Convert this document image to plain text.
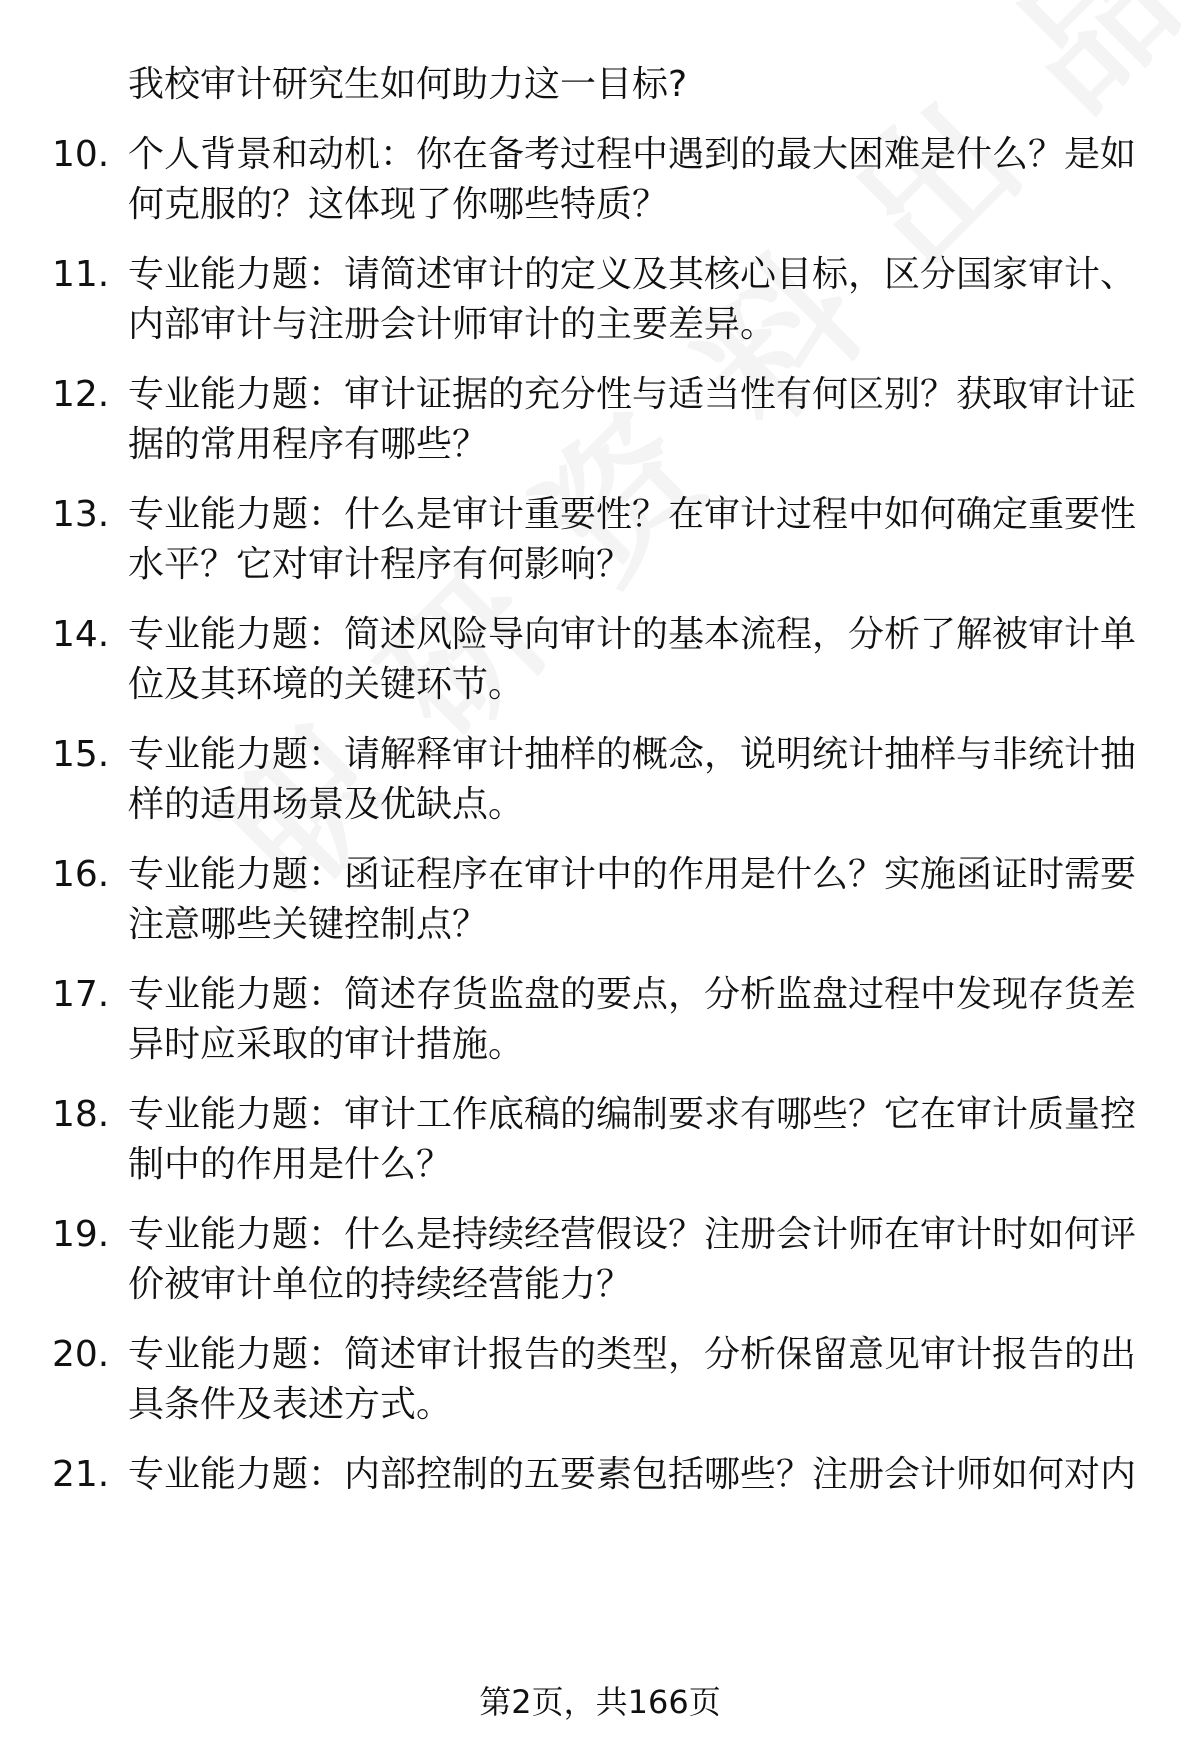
我校审计研究生如何助力这一目标?
10. 个人背景和动机：你在备考过程中遇到的最大困难是什么？是如何克服的？这体现了你哪些特质？
11. 专业能力题：请简述审计的定义及其核心目标，区分国家审计、内部审计与注册会计师审计的主要差异。
12. 专业能力题：审计证据的充分性与适当性有何区别？获取审计证据的常用程序有哪些？
13. 专业能力题：什么是审计重要性？在审计过程中如何确定重要性水平？它对审计程序有何影响？
14. 专业能力题：简述风险导向审计的基本流程，分析了解被审计单位及其环境的关键环节。
15. 专业能力题：请解释审计抽样的概念，说明统计抽样与非统计抽样的适用场景及优缺点。
16. 专业能力题：函证程序在审计中的作用是什么？实施函证时需要注意哪些关键控制点？
17. 专业能力题：简述存货监盘的要点，分析监盘过程中发现存货差异时应采取的审计措施。
18. 专业能力题：审计工作底稿的编制要求有哪些？它在审计质量控制中的作用是什么？
19. 专业能力题：什么是持续经营假设？注册会计师在审计时如何评价被审计单位的持续经营能力？
20. 专业能力题：简述审计报告的类型，分析保留意见审计报告的出具条件及表述方式。
21. 专业能力题：内部控制的五要素包括哪些？注册会计师如何对内
第2页，共166页
